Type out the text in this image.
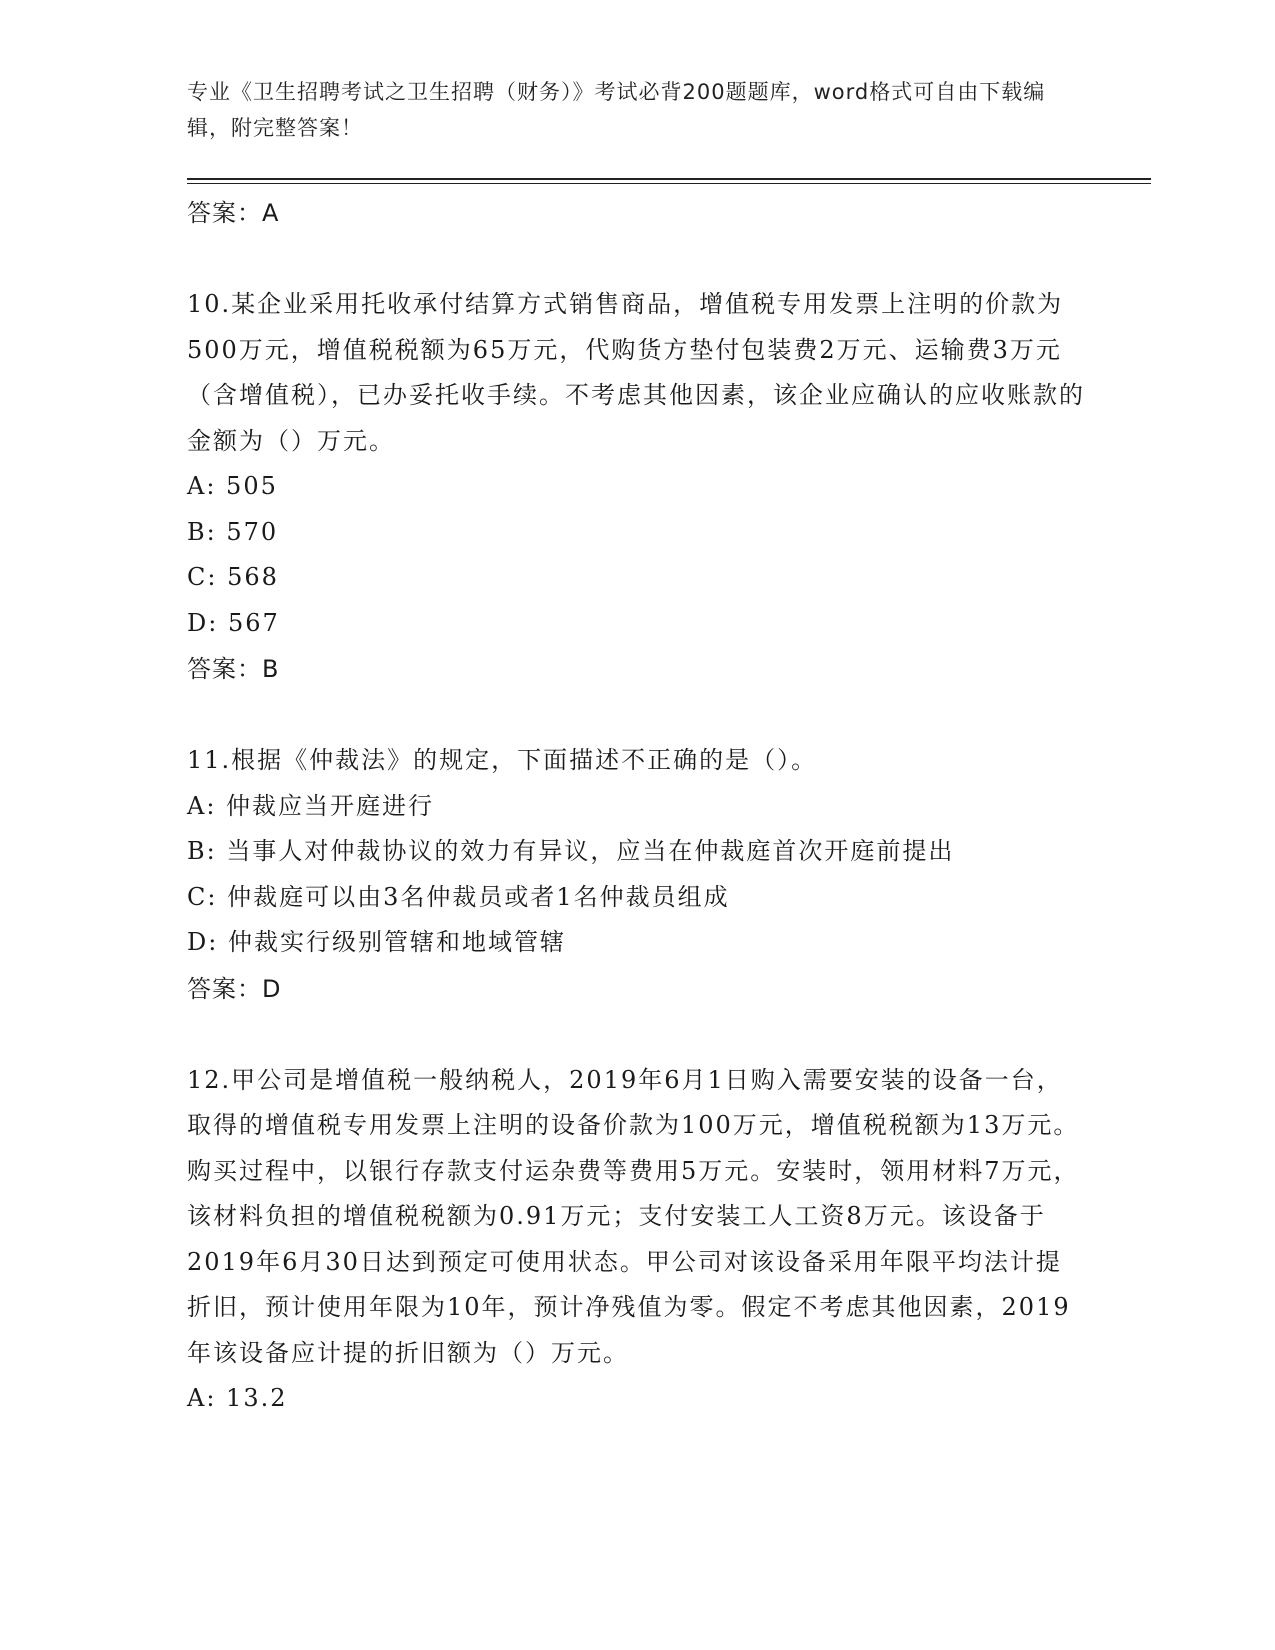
专业《卫生招聘考试之卫生招聘（财务）》考试必背200题题库，word格式可自由下载编辑，附完整答案！
答案：A

10.某企业采用托收承付结算方式销售商品，增值税专用发票上注明的价款为500万元，增值税税额为65万元，代购货方垫付包装费2万元、运输费3万元（含增值税），已办妥托收手续。不考虑其他因素，该企业应确认的应收账款的金额为（）万元。

A: 505
B: 570
C: 568
D: 567
答案：B

11.根据《仲裁法》的规定，下面描述不正确的是（）。

A: 仲裁应当开庭进行
B: 当事人对仲裁协议的效力有异议，应当在仲裁庭首次开庭前提出
C: 仲裁庭可以由3名仲裁员或者1名仲裁员组成
D: 仲裁实行级别管辖和地域管辖
答案：D

12.甲公司是增值税一般纳税人，2019年6月1日购入需要安装的设备一台，取得的增值税专用发票上注明的设备价款为100万元，增值税税额为13万元。购买过程中，以银行存款支付运杂费等费用5万元。安装时，领用材料7万元，该材料负担的增值税税额为0.91万元；支付安装工人工资8万元。该设备于2019年6月30日达到预定可使用状态。甲公司对该设备采用年限平均法计提折旧，预计使用年限为10年，预计净残值为零。假定不考虑其他因素，2019年该设备应计提的折旧额为（）万元。

A: 13.2
